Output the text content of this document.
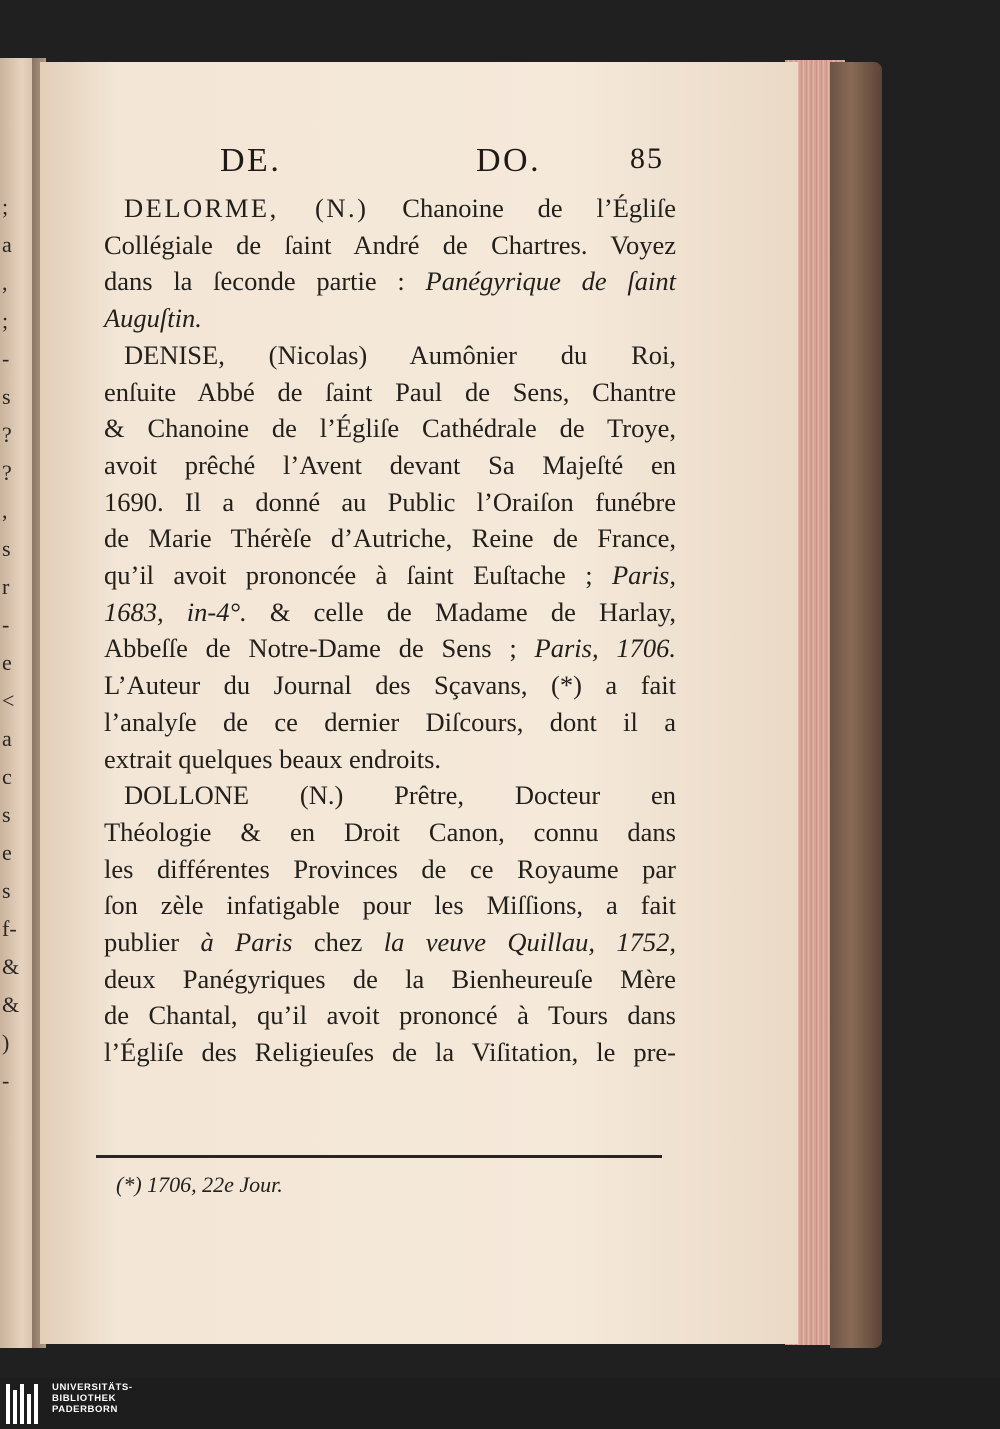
;
a
,
;
-
s
?
?
,
s
r
-
e
<
a
c
s
e
s
f-
&
&
)
-
DE.	DO.	85
DELORME, (N.) Chanoine de l’Égliſe
Collégiale de ſaint André de Chartres. Voyez
dans la ſeconde partie : Panégyrique de ſaint
Auguſtin.
DENISE, (Nicolas) Aumônier du Roi,
enſuite Abbé de ſaint Paul de Sens, Chantre
& Chanoine de l’Égliſe Cathédrale de Troye,
avoit prêché l’Avent devant Sa Majeſté en
1690. Il a donné au Public l’Oraiſon funébre
de Marie Thérèſe d’Autriche, Reine de France,
qu’il avoit prononcée à ſaint Euſtache ; Paris,
1683, in-4°. & celle de Madame de Harlay,
Abbeſſe de Notre-Dame de Sens ; Paris, 1706.
L’Auteur du Journal des Sçavans, (*) a fait
l’analyſe de ce dernier Diſcours, dont il a
extrait quelques beaux endroits.
DOLLONE (N.) Prêtre, Docteur en
Théologie & en Droit Canon, connu dans
les différentes Provinces de ce Royaume par
ſon zèle infatigable pour les Miſſions, a fait
publier à Paris chez la veuve Quillau, 1752,
deux Panégyriques de la Bienheureuſe Mère
de Chantal, qu’il avoit prononcé à Tours dans
l’Égliſe des Religieuſes de la Viſitation, le pre-
(*) 1706, 22e Jour.
UNIVERSITÄTS-
BIBLIOTHEK
PADERBORN
